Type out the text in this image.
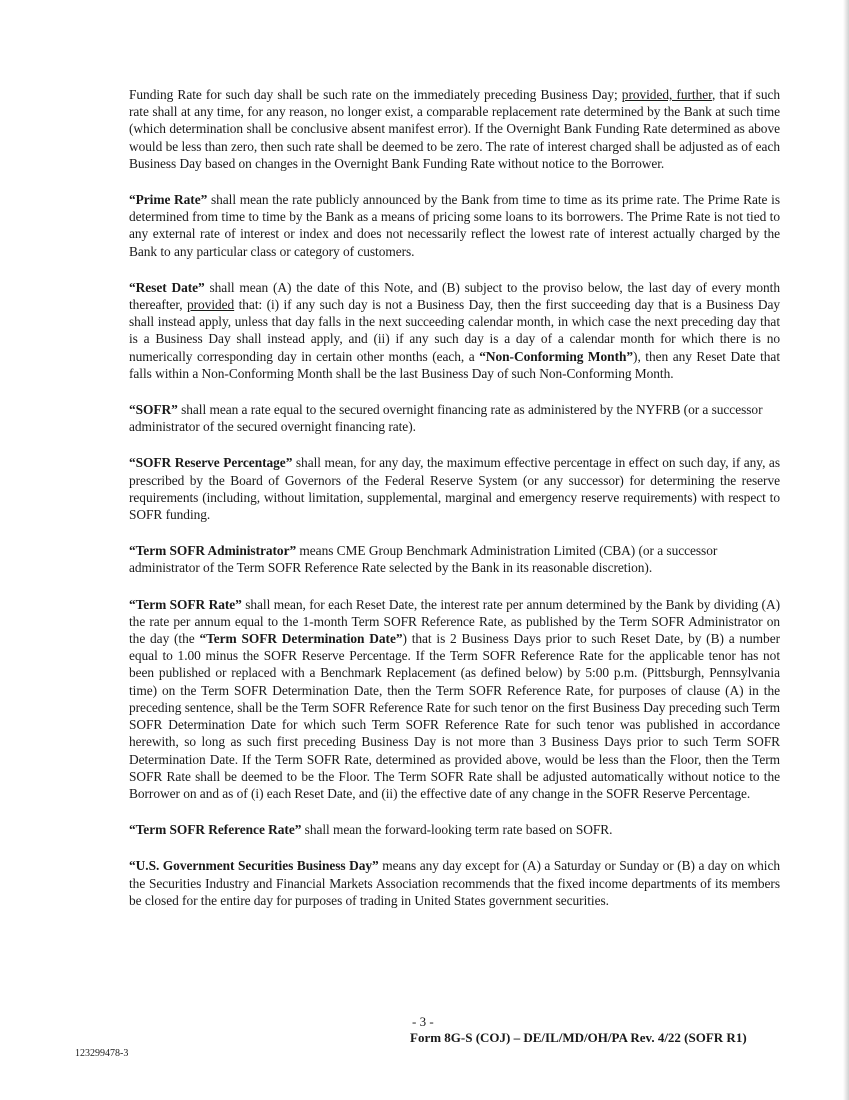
Funding Rate for such day shall be such rate on the immediately preceding Business Day; provided, further, that if such rate shall at any time, for any reason, no longer exist, a comparable replacement rate determined by the Bank at such time (which determination shall be conclusive absent manifest error). If the Overnight Bank Funding Rate determined as above would be less than zero, then such rate shall be deemed to be zero. The rate of interest charged shall be adjusted as of each Business Day based on changes in the Overnight Bank Funding Rate without notice to the Borrower.

“Prime Rate” shall mean the rate publicly announced by the Bank from time to time as its prime rate. The Prime Rate is determined from time to time by the Bank as a means of pricing some loans to its borrowers. The Prime Rate is not tied to any external rate of interest or index and does not necessarily reflect the lowest rate of interest actually charged by the Bank to any particular class or category of customers.

“Reset Date” shall mean (A) the date of this Note, and (B) subject to the proviso below, the last day of every month thereafter, provided that: (i) if any such day is not a Business Day, then the first succeeding day that is a Business Day shall instead apply, unless that day falls in the next succeeding calendar month, in which case the next preceding day that is a Business Day shall instead apply, and (ii) if any such day is a day of a calendar month for which there is no numerically corresponding day in certain other months (each, a “Non-Conforming Month”), then any Reset Date that falls within a Non-Conforming Month shall be the last Business Day of such Non-Conforming Month.

“SOFR” shall mean a rate equal to the secured overnight financing rate as administered by the NYFRB (or a successor administrator of the secured overnight financing rate).

“SOFR Reserve Percentage” shall mean, for any day, the maximum effective percentage in effect on such day, if any, as prescribed by the Board of Governors of the Federal Reserve System (or any successor) for determining the reserve requirements (including, without limitation, supplemental, marginal and emergency reserve requirements) with respect to SOFR funding.

“Term SOFR Administrator” means CME Group Benchmark Administration Limited (CBA) (or a successor administrator of the Term SOFR Reference Rate selected by the Bank in its reasonable discretion).

“Term SOFR Rate” shall mean, for each Reset Date, the interest rate per annum determined by the Bank by dividing (A) the rate per annum equal to the 1-month Term SOFR Reference Rate, as published by the Term SOFR Administrator on the day (the “Term SOFR Determination Date”) that is 2 Business Days prior to such Reset Date, by (B) a number equal to 1.00 minus the SOFR Reserve Percentage. If the Term SOFR Reference Rate for the applicable tenor has not been published or replaced with a Benchmark Replacement (as defined below) by 5:00 p.m. (Pittsburgh, Pennsylvania time) on the Term SOFR Determination Date, then the Term SOFR Reference Rate, for purposes of clause (A) in the preceding sentence, shall be the Term SOFR Reference Rate for such tenor on the first Business Day preceding such Term SOFR Determination Date for which such Term SOFR Reference Rate for such tenor was published in accordance herewith, so long as such first preceding Business Day is not more than 3 Business Days prior to such Term SOFR Determination Date. If the Term SOFR Rate, determined as provided above, would be less than the Floor, then the Term SOFR Rate shall be deemed to be the Floor. The Term SOFR Rate shall be adjusted automatically without notice to the Borrower on and as of (i) each Reset Date, and (ii) the effective date of any change in the SOFR Reserve Percentage.

“Term SOFR Reference Rate” shall mean the forward-looking term rate based on SOFR.

“U.S. Government Securities Business Day” means any day except for (A) a Saturday or Sunday or (B) a day on which the Securities Industry and Financial Markets Association recommends that the fixed income departments of its members be closed for the entire day for purposes of trading in United States government securities.

- 3 -
Form 8G-S (COJ) – DE/IL/MD/OH/PA Rev. 4/22 (SOFR R1)
123299478-3
